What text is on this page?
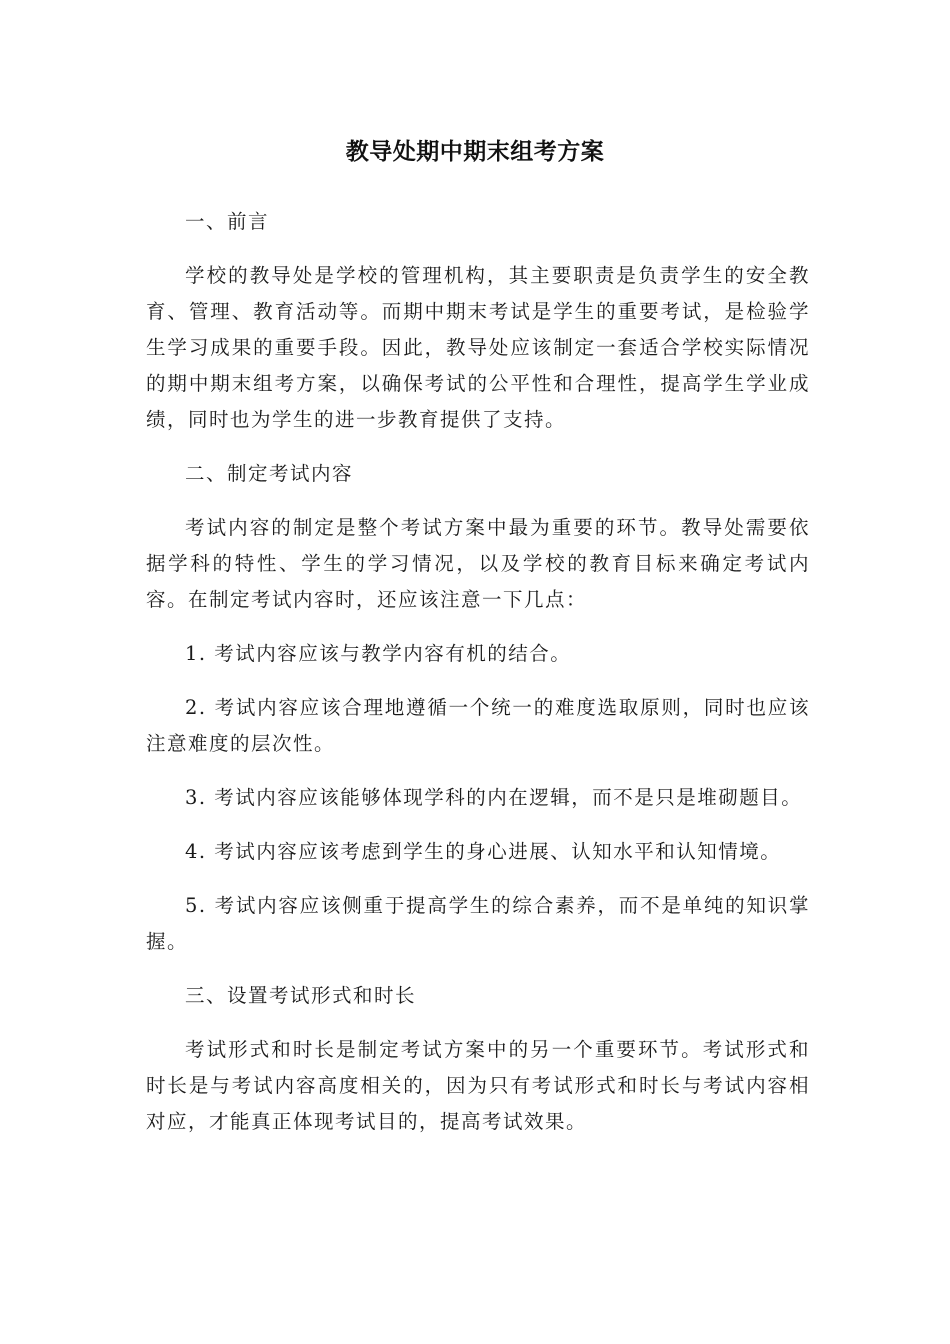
教导处期中期末组考方案

一、前言

学校的教导处是学校的管理机构，其主要职责是负责学生的安全教育、管理、教育活动等。而期中期末考试是学生的重要考试，是检验学生学习成果的重要手段。因此，教导处应该制定一套适合学校实际情况的期中期末组考方案，以确保考试的公平性和合理性，提高学生学业成绩，同时也为学生的进一步教育提供了支持。

二、制定考试内容

考试内容的制定是整个考试方案中最为重要的环节。教导处需要依据学科的特性、学生的学习情况，以及学校的教育目标来确定考试内容。在制定考试内容时，还应该注意一下几点：

1. 考试内容应该与教学内容有机的结合。

2. 考试内容应该合理地遵循一个统一的难度选取原则，同时也应该注意难度的层次性。

3. 考试内容应该能够体现学科的内在逻辑，而不是只是堆砌题目。

4. 考试内容应该考虑到学生的身心进展、认知水平和认知情境。

5. 考试内容应该侧重于提高学生的综合素养，而不是单纯的知识掌握。

三、设置考试形式和时长

考试形式和时长是制定考试方案中的另一个重要环节。考试形式和时长是与考试内容高度相关的，因为只有考试形式和时长与考试内容相对应，才能真正体现考试目的，提高考试效果。
